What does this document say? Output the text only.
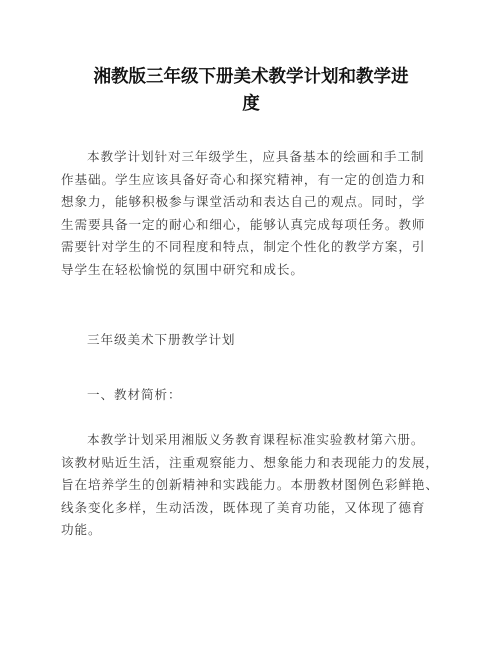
湘教版三年级下册美术教学计划和教学进
度
本教学计划针对三年级学生，应具备基本的绘画和手工制
作基础。学生应该具备好奇心和探究精神，有一定的创造力和
想象力，能够积极参与课堂活动和表达自己的观点。同时，学
生需要具备一定的耐心和细心，能够认真完成每项任务。教师
需要针对学生的不同程度和特点，制定个性化的教学方案，引
导学生在轻松愉悦的氛围中研究和成长。
三年级美术下册教学计划
一、教材简析：
本教学计划采用湘版义务教育课程标准实验教材第六册。
该教材贴近生活，注重观察能力、想象能力和表现能力的发展，
旨在培养学生的创新精神和实践能力。本册教材图例色彩鲜艳、
线条变化多样，生动活泼，既体现了美育功能，又体现了德育
功能。
